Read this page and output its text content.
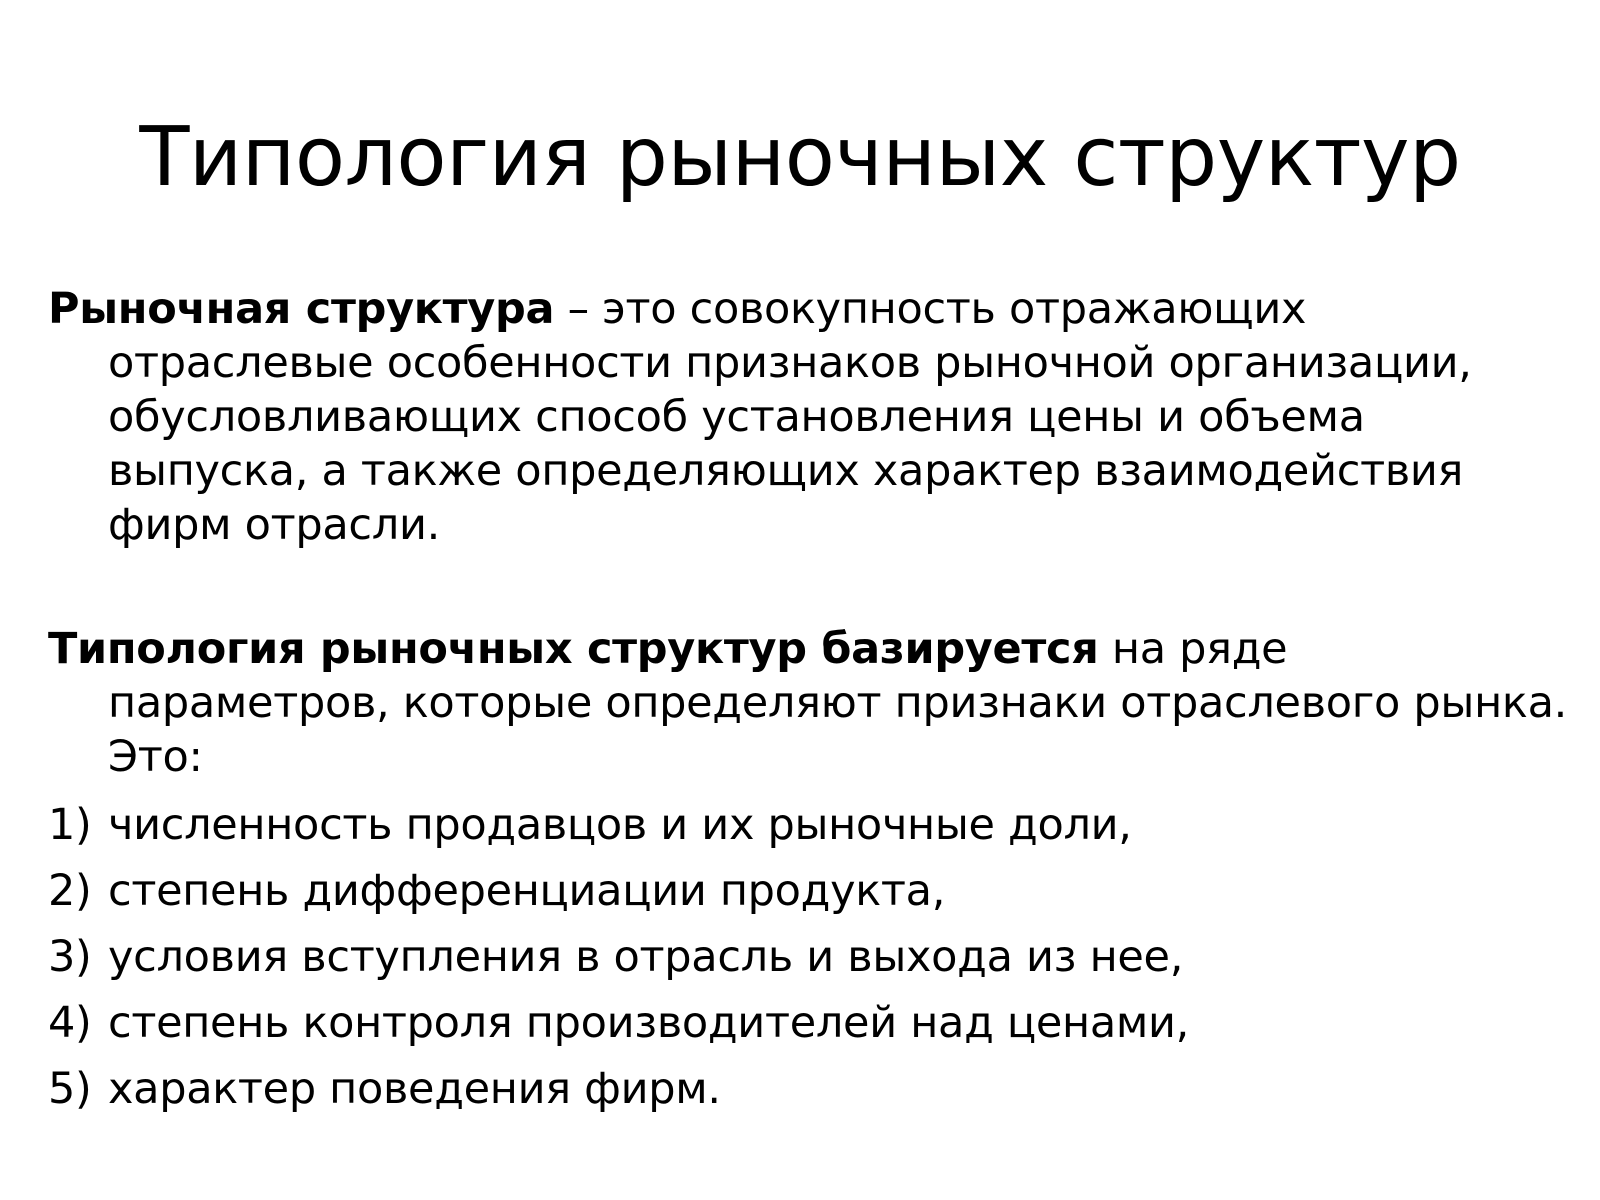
Типология рыночных структур

Рыночная структура – это совокупность отражающих отраслевые особенности признаков рыночной организации, обусловливающих способ установления цены и объема выпуска, а также определяющих характер взаимодействия фирм отрасли.

Типология рыночных структур базируется на ряде параметров, которые определяют признаки отраслевого рынка. Это:

1) численность продавцов и их рыночные доли,
2) степень дифференциации продукта,
3) условия вступления в отрасль и выхода из нее,
4) степень контроля производителей над ценами,
5) характер поведения фирм.
